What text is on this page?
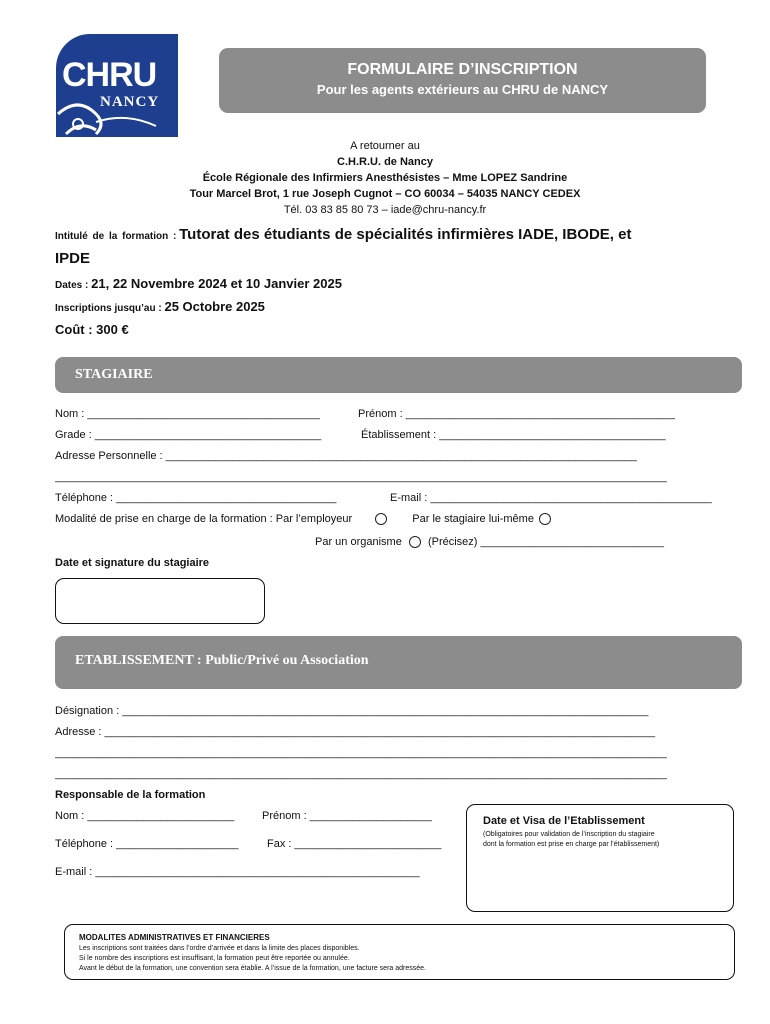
CHRU
NANCY
FORMULAIRE D’INSCRIPTION
Pour les agents extérieurs au CHRU de NANCY
A retourner au
C.H.R.U. de Nancy
École Régionale des Infirmiers Anesthésistes – Mme LOPEZ Sandrine
Tour Marcel Brot, 1 rue Joseph Cugnot – CO 60034 – 54035 NANCY CEDEX
Tél. 03 83 85 80 73 – iade@chru-nancy.fr
Intitulé de la formation : Tutorat des étudiants de spécialités infirmières IADE, IBODE, et
IPDE
Dates : 21, 22 Novembre 2024 et 10 Janvier 2025
Inscriptions jusqu’au : 25 Octobre 2025
Coût : 300 €
STAGIAIRE
Nom : ______________________________________	Prénom : ____________________________________________
Grade : _____________________________________	Établissement : _____________________________________
Adresse Personnelle : _____________________________________________________________________________
____________________________________________________________________________________________________
Téléphone : ____________________________________	E-mail : ______________________________________________
Modalité de prise en charge de la formation : Par l’employeur	Par le stagiaire lui-même
Par un organisme (Précisez) ______________________________
Date et signature du stagiaire
ETABLISSEMENT : Public/Privé ou Association
Désignation : ______________________________________________________________________________________
Adresse : __________________________________________________________________________________________
____________________________________________________________________________________________________
____________________________________________________________________________________________________
Responsable de la formation
Nom : ________________________	Prénom : ____________________
Téléphone : ____________________	Fax : ________________________
E-mail : _____________________________________________________
Date et Visa de l’Etablissement
(Obligatoires pour validation de l’inscription du stagiaire
dont la formation est prise en charge par l’établissement)
MODALITES ADMINISTRATIVES ET FINANCIERES
Les inscriptions sont traitées dans l’ordre d’arrivée et dans la limite des places disponibles.
Si le nombre des inscriptions est insuffisant, la formation peut être reportée ou annulée.
Avant le début de la formation, une convention sera établie. A l’issue de la formation, une facture sera adressée.
